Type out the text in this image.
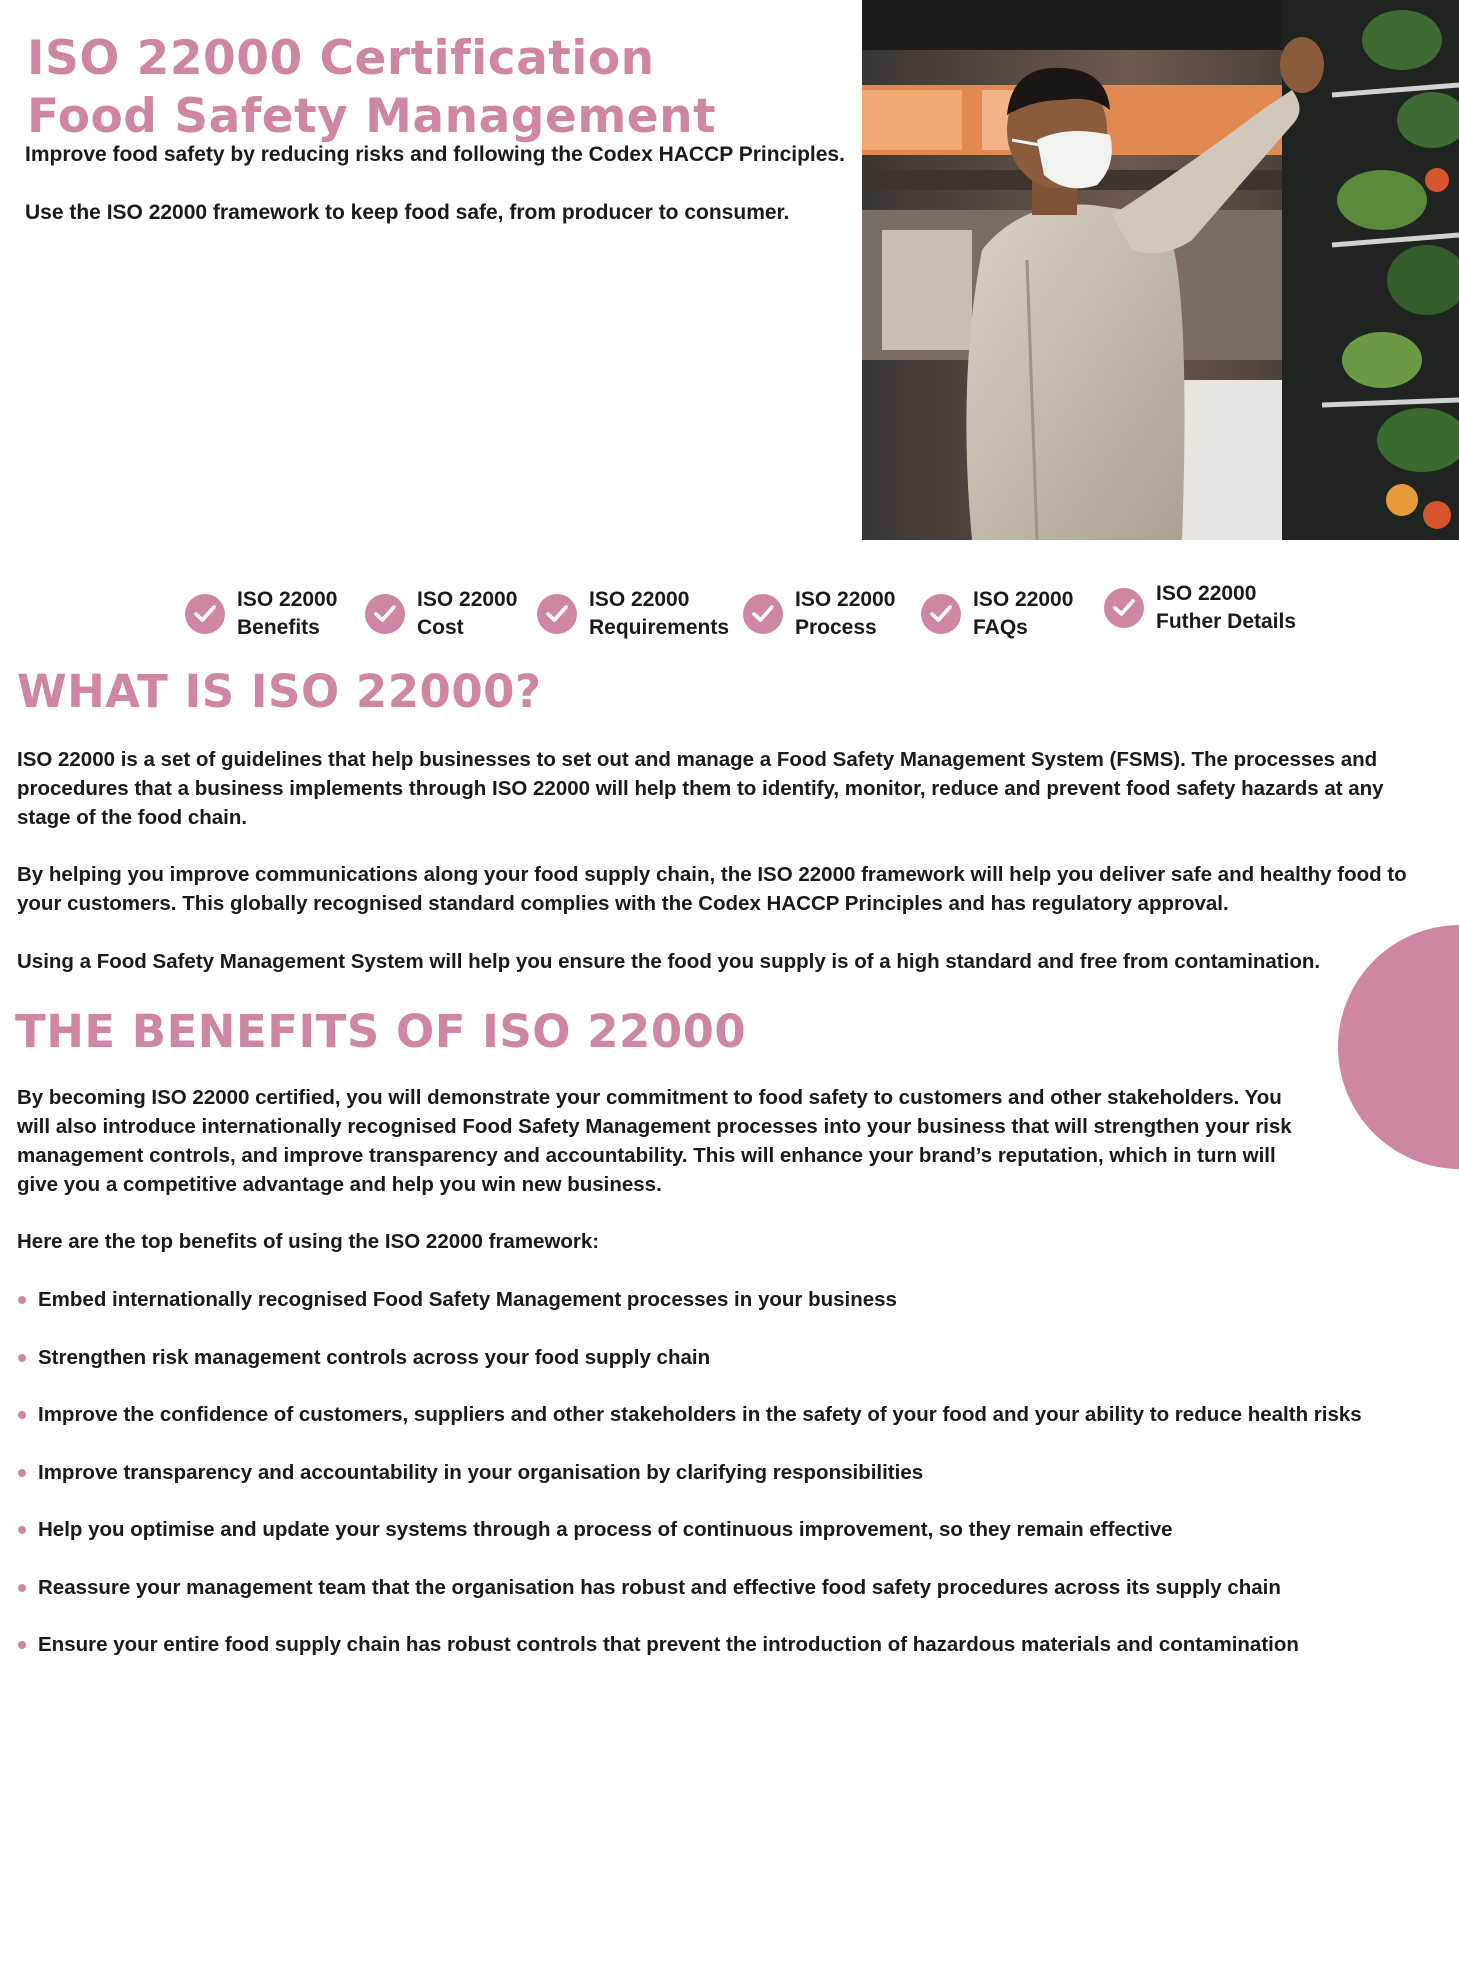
ISO 22000 Certification
Food Safety Management

Improve food safety by reducing risks and following the Codex HACCP Principles.

Use the ISO 22000 framework to keep food safe, from producer to consumer.

ISO 22000
Benefits
ISO 22000
Cost
ISO 22000
Requirements
ISO 22000
Process
ISO 22000
FAQs
ISO 22000
Futher Details
WHAT IS ISO 22000?

ISO 22000 is a set of guidelines that help businesses to set out and manage a Food Safety Management System (FSMS). The processes and procedures that a business implements through ISO 22000 will help them to identify, monitor, reduce and prevent food safety hazards at any stage of the food chain.

By helping you improve communications along your food supply chain, the ISO 22000 framework will help you deliver safe and healthy food to your customers. This globally recognised standard complies with the Codex HACCP Principles and has regulatory approval.

Using a Food Safety Management System will help you ensure the food you supply is of a high standard and free from contamination.

THE BENEFITS OF ISO 22000

By becoming ISO 22000 certified, you will demonstrate your commitment to food safety to customers and other stakeholders. You will also introduce internationally recognised Food Safety Management processes into your business that will strengthen your risk management controls, and improve transparency and accountability. This will enhance your brand’s reputation, which in turn will give you a competitive advantage and help you win new business.

Here are the top benefits of using the ISO 22000 framework:

Embed internationally recognised Food Safety Management processes in your business
Strengthen risk management controls across your food supply chain
Improve the confidence of customers, suppliers and other stakeholders in the safety of your food and your ability to reduce health risks
Improve transparency and accountability in your organisation by clarifying responsibilities
Help you optimise and update your systems through a process of continuous improvement, so they remain effective
Reassure your management team that the organisation has robust and effective food safety procedures across its supply chain
Ensure your entire food supply chain has robust controls that prevent the introduction of hazardous materials and contamination
